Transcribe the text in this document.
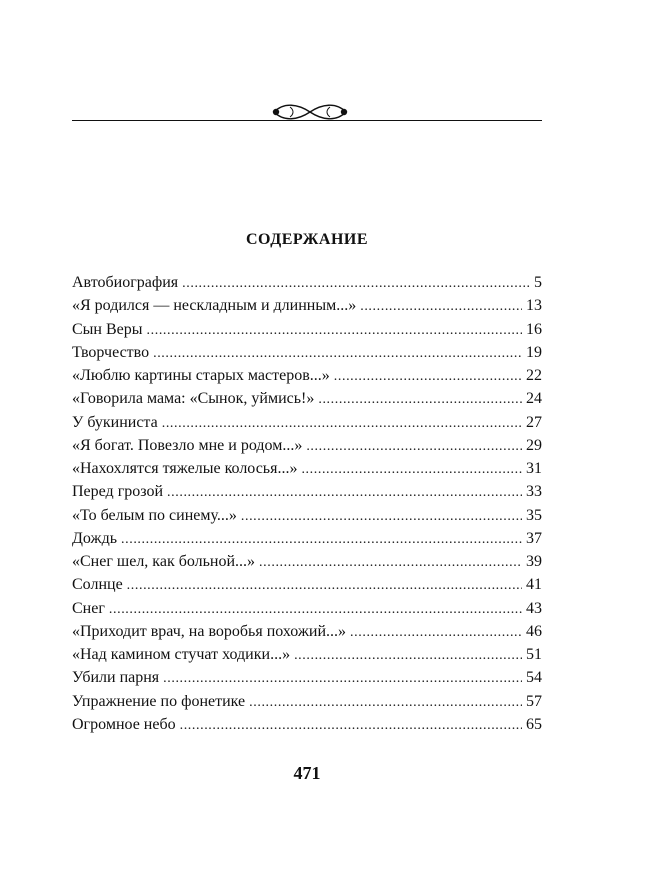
СОДЕРЖАНИЕ
Автобиография .....	5
«Я родился — нескладным и длинным...» .....	13
Сын Веры .....	16
Творчество .....	19
«Люблю картины старых мастеров...» .....	22
«Говорила мама: «Сынок, уймись!» .....	24
У букиниста .....	27
«Я богат. Повезло мне и родом...» .....	29
«Нахохлятся тяжелые колосья...» .....	31
Перед грозой .....	33
«То белым по синему...» .....	35
Дождь .....	37
«Снег шел, как больной...» .....	39
Солнце .....	41
Снег .....	43
«Приходит врач, на воробья похожий...» .....	46
«Над камином стучат ходики...» .....	51
Убили парня .....	54
Упражнение по фонетике .....	57
Огромное небо .....	65
471
